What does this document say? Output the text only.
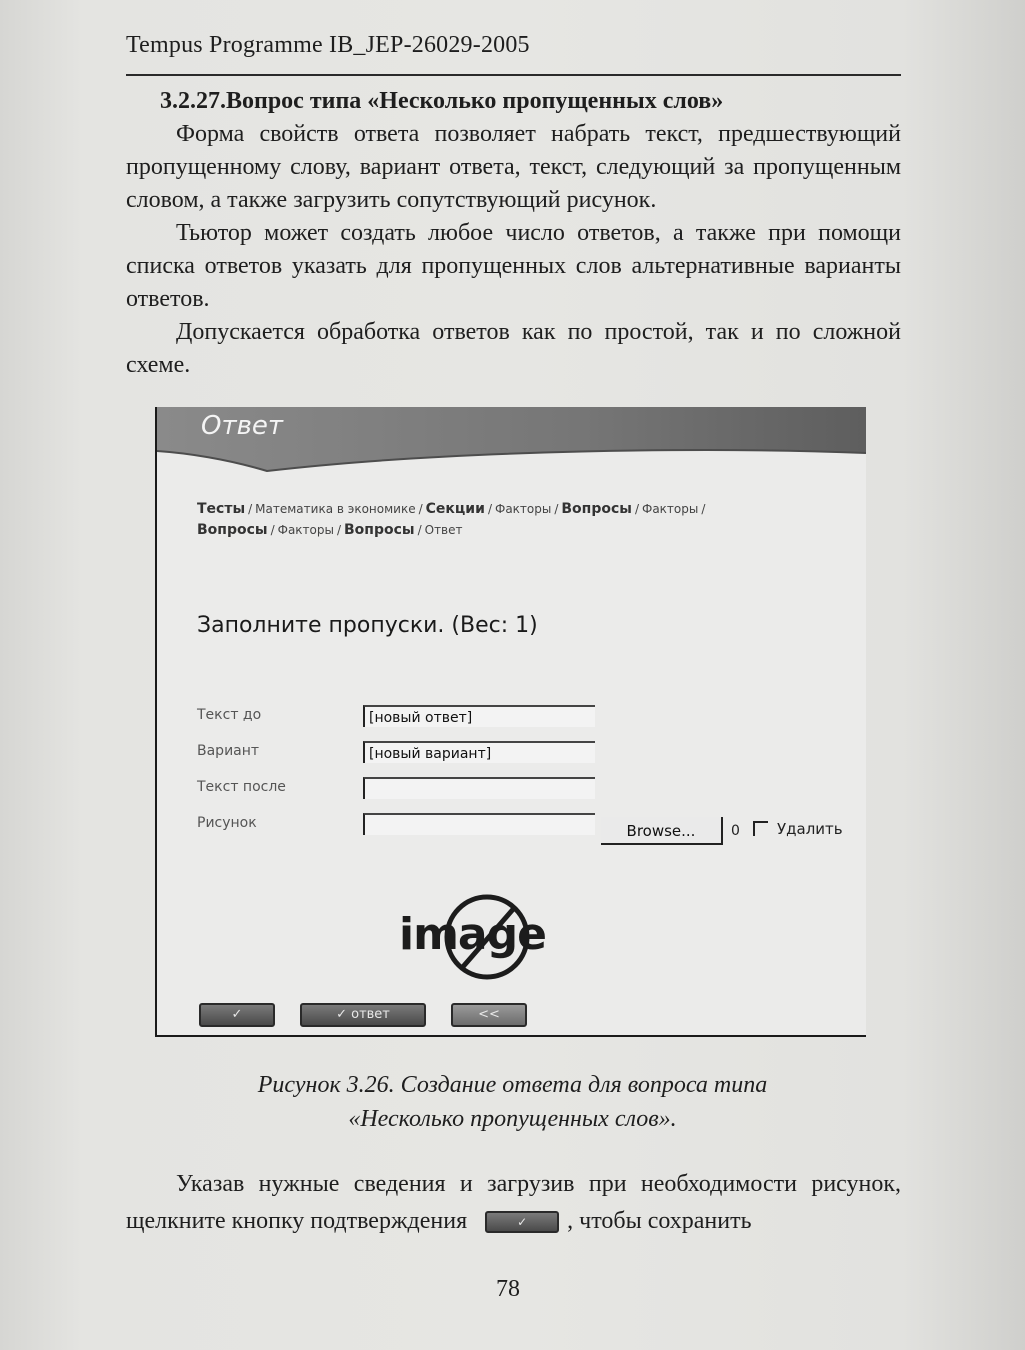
Tempus Programme IB_JEP-26029-2005
3.2.27.Вопрос типа «Несколько пропущенных слов»
Форма свойств ответа позволяет набрать текст, предшествующий пропущенному слову, вариант ответа, текст, следующий за пропущенным словом, а также загрузить сопутствующий рисунок.
Тьютор может создать любое число ответов, а также при помощи списка ответов указать для пропущенных слов альтернативные варианты ответов.
Допускается обработка ответов как по простой, так и по сложной схеме.
Ответ
Тесты / Математика в экономике / Секции / Факторы / Вопросы / Факторы /
Вопросы / Факторы / Вопросы / Ответ
Заполните пропуски. (Вес: 1)
Текст до	[новый ответ]
Вариант	[новый вариант]
Текст после
Рисунок	Browse...	0 Удалить
image
✓	✓ ответ	<<
Рисунок 3.26. Создание ответа для вопроса типа
«Несколько пропущенных слов».
Указав нужные сведения и загрузив при необходимости рисунок, щелкните кнопку подтверждения	✓ , чтобы сохранить
78
